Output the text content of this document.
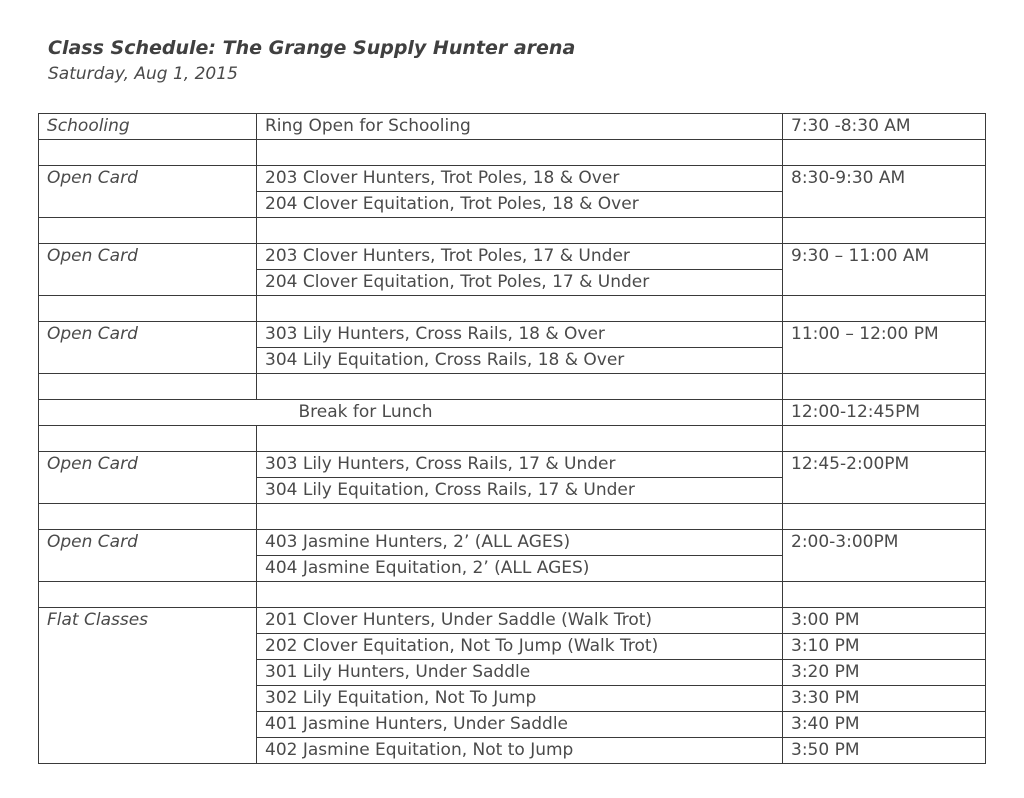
Class Schedule: The Grange Supply Hunter arena
Saturday, Aug 1, 2015
Schooling	Ring Open for Schooling	7:30 -8:30 AM

Open Card	203 Clover Hunters, Trot Poles, 18 & Over	8:30-9:30 AM
	204 Clover Equitation, Trot Poles, 18 & Over	

Open Card	203 Clover Hunters, Trot Poles, 17 & Under	9:30 – 11:00 AM
	204 Clover Equitation, Trot Poles, 17 & Under	

Open Card	303 Lily Hunters, Cross Rails, 18 & Over	11:00 – 12:00 PM
	304 Lily Equitation, Cross Rails, 18 & Over	

Break for Lunch		12:00-12:45PM

Open Card	303 Lily Hunters, Cross Rails, 17 & Under	12:45-2:00PM
	304 Lily Equitation, Cross Rails, 17 & Under	

Open Card	403 Jasmine Hunters, 2’ (ALL AGES)	2:00-3:00PM
	404 Jasmine Equitation, 2’ (ALL AGES)	

Flat Classes	201 Clover Hunters, Under Saddle (Walk Trot)	3:00 PM
	202 Clover Equitation, Not To Jump (Walk Trot)	3:10 PM
	301 Lily Hunters, Under Saddle	3:20 PM
	302 Lily Equitation, Not To Jump	3:30 PM
	401 Jasmine Hunters, Under Saddle	3:40 PM
	402 Jasmine Equitation, Not to Jump	3:50 PM
